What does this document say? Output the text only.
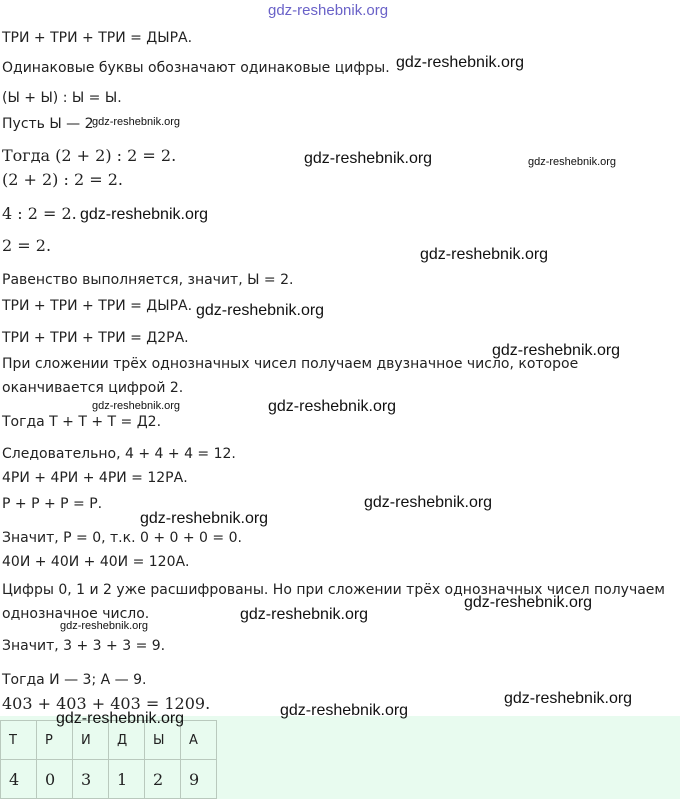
gdz-reshebnik.org
gdz-reshebnik.org
gdz-reshebnik.org
gdz-reshebnik.org	gdz-reshebnik.org
gdz-reshebnik.org
gdz-reshebnik.org
gdz-reshebnik.org
gdz-reshebnik.org
gdz-reshebnik.org	gdz-reshebnik.org
gdz-reshebnik.org
gdz-reshebnik.org
gdz-reshebnik.org
gdz-reshebnik.org
gdz-reshebnik.org
gdz-reshebnik.org
gdz-reshebnik.org	gdz-reshebnik.org
ТРИ + ТРИ + ТРИ = ДЫРА.
Одинаковые буквы обозначают одинаковые цифры.
(Ы + Ы) : Ы = Ы.
Пусть Ы — 2
Тогда (2 + 2) : 2 = 2.
(2 + 2) : 2 = 2.
4 : 2 = 2.
2 = 2.
Равенство выполняется, значит, Ы = 2.
ТРИ + ТРИ + ТРИ = ДЫРА.
ТРИ + ТРИ + ТРИ = Д2РА.
При сложении трёх однозначных чисел получаем двузначное число, которое
оканчивается цифрой 2.
Тогда Т + Т + Т = Д2.
Следовательно, 4 + 4 + 4 = 12.
4РИ + 4РИ + 4РИ = 12РА.
Р + Р + Р = Р.
Значит, Р = 0, т.к. 0 + 0 + 0 = 0.
40И + 40И + 40И = 120А.
Цифры 0, 1 и 2 уже расшифрованы. Но при сложении трёх однозначных чисел получаем
однозначное число.
Значит, 3 + 3 + 3 = 9.
Тогда И — 3; А — 9.
403 + 403 + 403 = 1209.
Т	Р	И	Д	Ы	А
4	0	3	1	2	9
